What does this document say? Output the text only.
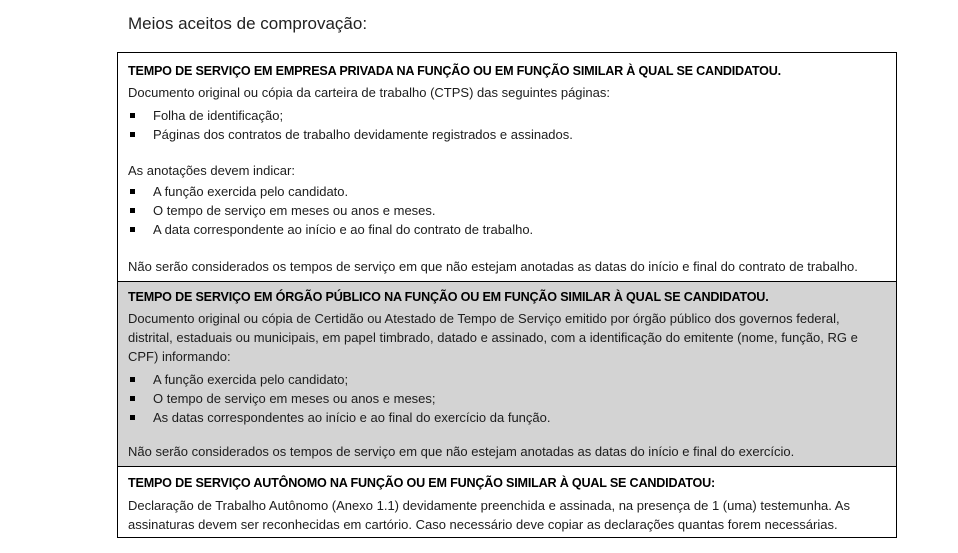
Meios aceitos de comprovação:
TEMPO DE SERVIÇO EM EMPRESA PRIVADA NA FUNÇÃO OU EM FUNÇÃO SIMILAR À QUAL SE CANDIDATOU.
Documento original ou cópia da carteira de trabalho (CTPS) das seguintes páginas:
Folha de identificação;
Páginas dos contratos de trabalho devidamente registrados e assinados.
As anotações devem indicar:
A função exercida pelo candidato.
O tempo de serviço em meses ou anos e meses.
A data correspondente ao início e ao final do contrato de trabalho.
Não serão considerados os tempos de serviço em que não estejam anotadas as datas do início e final do contrato de trabalho.
TEMPO DE SERVIÇO EM ÓRGÃO PÚBLICO NA FUNÇÃO OU EM FUNÇÃO SIMILAR À QUAL SE CANDIDATOU.
Documento original ou cópia de Certidão ou Atestado de Tempo de Serviço emitido por órgão público dos governos federal,
distrital, estaduais ou municipais, em papel timbrado, datado e assinado, com a identificação do emitente (nome, função, RG e
CPF) informando:
A função exercida pelo candidato;
O tempo de serviço em meses ou anos e meses;
As datas correspondentes ao início e ao final do exercício da função.
Não serão considerados os tempos de serviço em que não estejam anotadas as datas do início e final do exercício.
TEMPO DE SERVIÇO AUTÔNOMO NA FUNÇÃO OU EM FUNÇÃO SIMILAR À QUAL SE CANDIDATOU:
Declaração de Trabalho Autônomo (Anexo 1.1) devidamente preenchida e assinada, na presença de 1 (uma) testemunha. As
assinaturas devem ser reconhecidas em cartório. Caso necessário deve copiar as declarações quantas forem necessárias.
